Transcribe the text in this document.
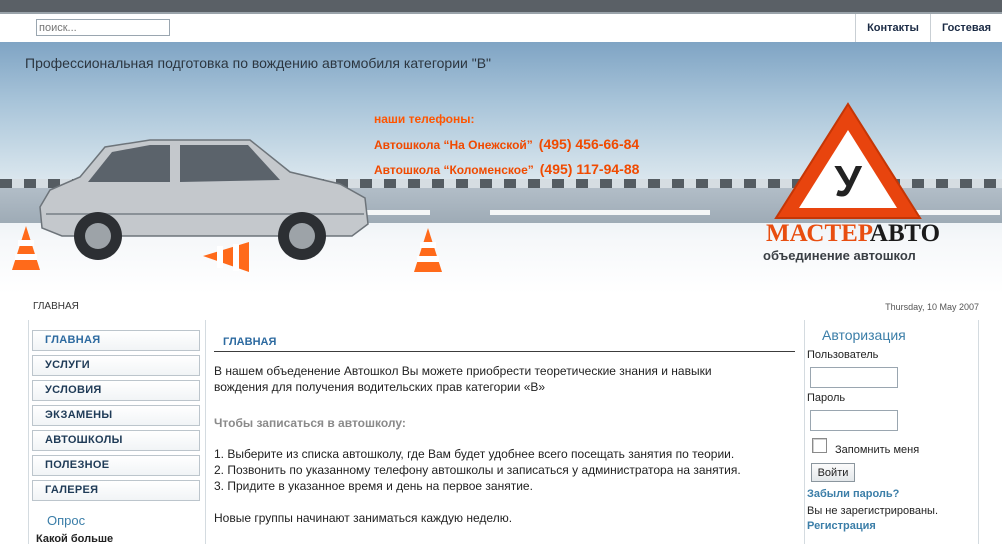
поиск...
Контакты	Гостевая
Профессиональная подготовка по вождению автомобиля категории "В"
наши телефоны:
Автошкола “На Онежской” (495) 456-66-84
Автошкола “Коломенское” (495) 117-94-88	У
МАСТЕРАВТО
объединение автошкол
ГЛАВНАЯ	Thursday, 10 May 2007
ГЛАВНАЯ
УСЛУГИ
УСЛОВИЯ
ЭКЗАМЕНЫ
АВТОШКОЛЫ
ПОЛЕЗНОЕ
ГАЛЕРЕЯ
Опрос
Какой больше
ГЛАВНАЯ
В нашем объеденение Автошкол Вы можете приобрести теоретические знания и навыки
вождения для получения водительских прав категории «В»
Чтобы записаться в автошколу:
1. Выберите из списка автошколу, где Вам будет удобнее всего посещать занятия по теории.
2. Позвонить по указанному телефону автошколы и записаться у администратора на занятия.
3. Придите в указанное время и день на первое занятие.
Новые группы начинают заниматься каждую неделю.
Авторизация
Пользователь
Пароль
Запомнить меня
Войти
Забыли пароль?
Вы не зарегистрированы.
Регистрация
